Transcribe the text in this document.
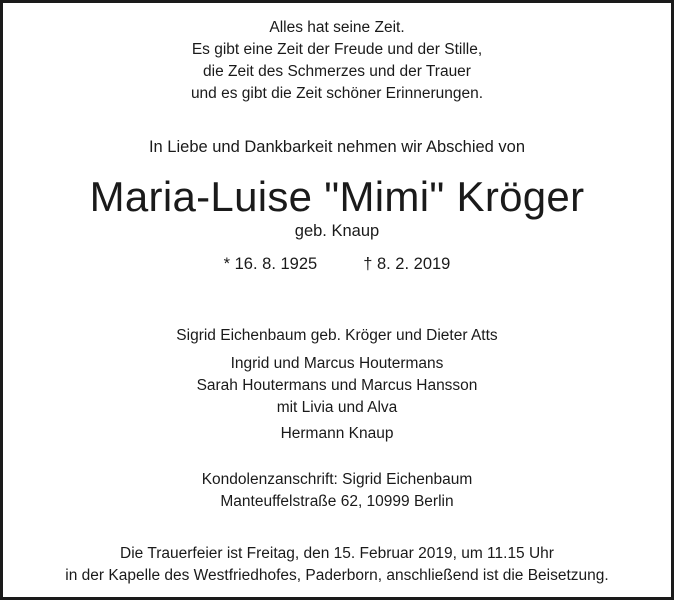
Alles hat seine Zeit.
Es gibt eine Zeit der Freude und der Stille,
die Zeit des Schmerzes und der Trauer
und es gibt die Zeit schöner Erinnerungen.
In Liebe und Dankbarkeit nehmen wir Abschied von
Maria-Luise "Mimi" Kröger
geb. Knaup
* 16. 8. 1925	† 8. 2. 2019
Sigrid Eichenbaum geb. Kröger und Dieter Atts
Ingrid und Marcus Houtermans
Sarah Houtermans und Marcus Hansson
mit Livia und Alva
Hermann Knaup
Kondolenzanschrift: Sigrid Eichenbaum
Manteuffelstraße 62, 10999 Berlin
Die Trauerfeier ist Freitag, den 15. Februar 2019, um 11.15 Uhr
in der Kapelle des Westfriedhofes, Paderborn, anschließend ist die Beisetzung.
